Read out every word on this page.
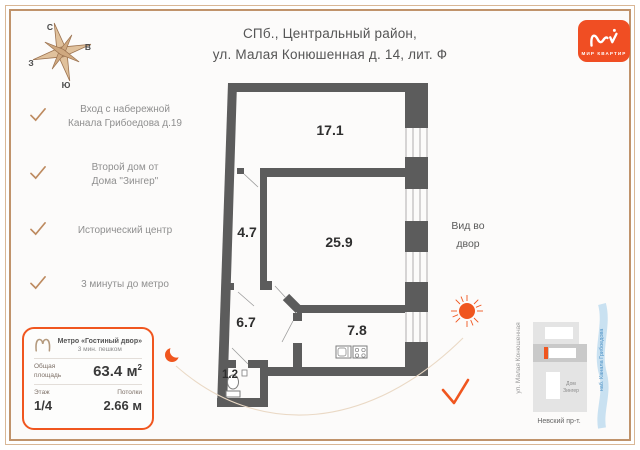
С
В
Ю
З
СПб., Центральный район,
ул. Малая Конюшенная д. 14, лит. Ф	МИР КВАРТИР
Вход с набережной
Канала Грибоедова д.19
Второй дом от
Дома "Зингер"
Исторический центр
3 минуты до метро
17.1
4.7
25.9
6.7	7.8
1.2
Вид во
двор
Метро «Гостиный двор»
3 мин. пешком
Общая
площадь 63.4 $м^2$
Этаж
1/4
Потолки
2.66 м
ул. Малая Конюшенная	Дом
Зингер	наб. Канала Грибоедова
Невский пр-т.
